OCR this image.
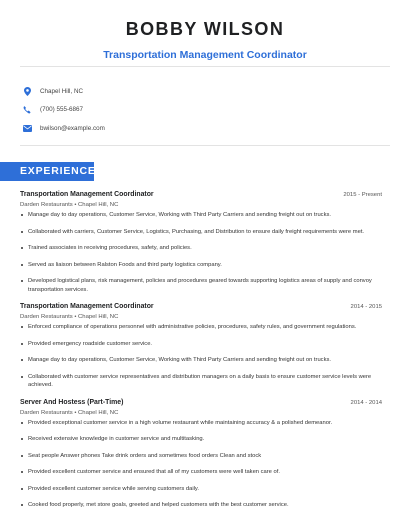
BOBBY WILSON
Transportation Management Coordinator
Chapel Hill, NC
(700) 555-6867
bwilson@example.com
EXPERIENCE
Transportation Management Coordinator	2015 - Present
Darden Restaurants • Chapel Hill, NC
Manage day to day operations, Customer Service, Working with Third Party Carriers and sending freight out on trucks.
Collaborated with carriers, Customer Service, Logistics, Purchasing, and Distribution to ensure daily freight requirements were met.
Trained associates in receiving procedures, safety, and policies.
Served as liaison between Ralston Foods and third party logistics company.
Developed logistical plans, risk management, policies and procedures geared towards supporting logistics areas of supply and convoy transportation services.
Transportation Management Coordinator	2014 - 2015
Darden Restaurants • Chapel Hill, NC
Enforced compliance of operations personnel with administrative policies, procedures, safety rules, and government regulations.
Provided emergency roadside customer service.
Manage day to day operations, Customer Service, Working with Third Party Carriers and sending freight out on trucks.
Collaborated with customer service representatives and distribution managers on a daily basis to ensure customer service levels were achieved.
Server And Hostess (Part-Time)	2014 - 2014
Darden Restaurants • Chapel Hill, NC
Provided exceptional customer service in a high volume restaurant while maintaining accuracy & a polished demeanor.
Received extensive knowledge in customer service and multitasking.
Seat people Answer phones Take drink orders and sometimes food orders Clean and stock
Provided excellent customer service and ensured that all of my customers were well taken care of.
Provided excellent customer service while serving customers daily.
Cooked food properly, met store goals, greeted and helped customers with the best customer service.
